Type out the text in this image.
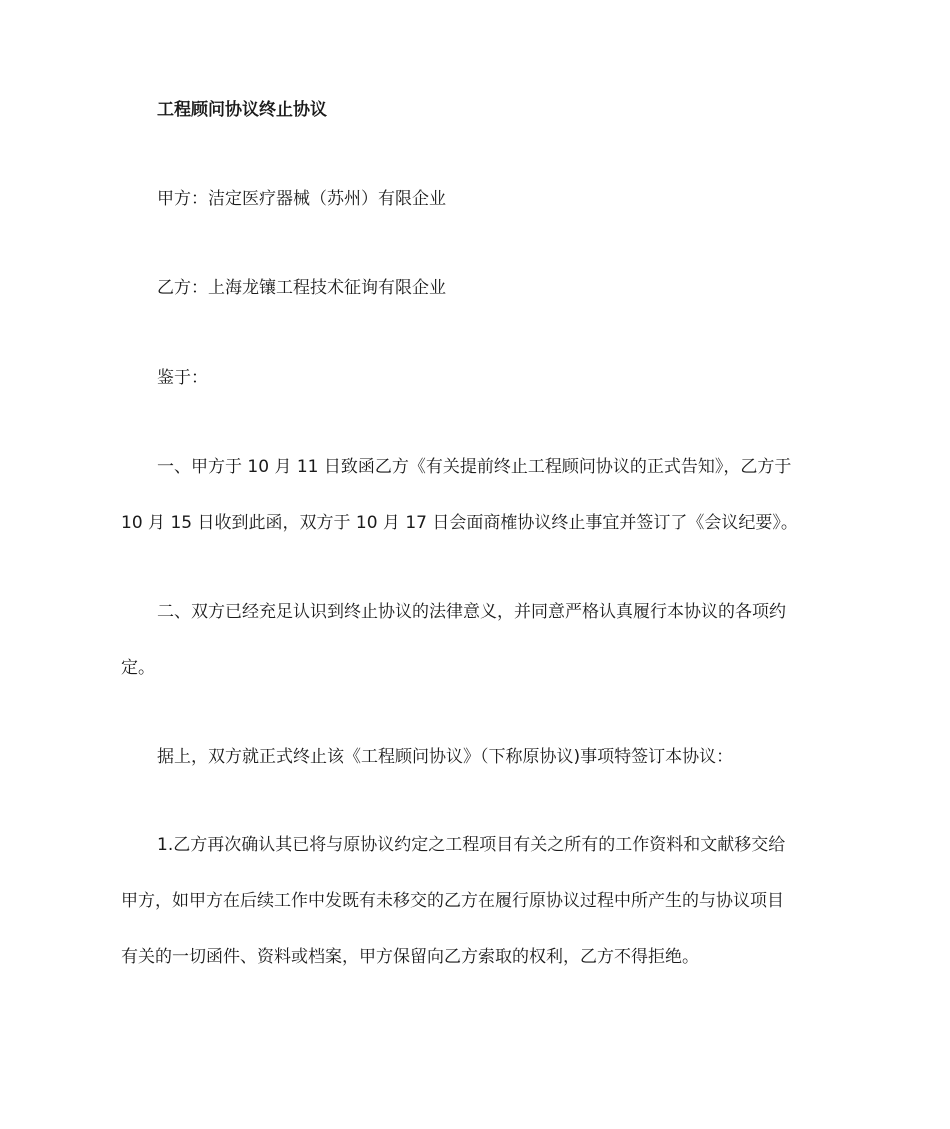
工程顾问协议终止协议
甲方：洁定医疗器械（苏州）有限企业
乙方：上海龙镶工程技术征询有限企业
鉴于：
一、甲方于 10 月 11 日致函乙方《有关提前终止工程顾问协议的正式告知》，乙方于
10 月 15 日收到此函，双方于 10 月 17 日会面商榷协议终止事宜并签订了《会议纪要》。
二、双方已经充足认识到终止协议的法律意义，并同意严格认真履行本协议的各项约
定。
据上，双方就正式终止该《工程顾问协议》（下称原协议)事项特签订本协议：
1.乙方再次确认其已将与原协议约定之工程项目有关之所有的工作资料和文献移交给
甲方，如甲方在后续工作中发既有未移交的乙方在履行原协议过程中所产生的与协议项目
有关的一切函件、资料或档案，甲方保留向乙方索取的权利，乙方不得拒绝。
